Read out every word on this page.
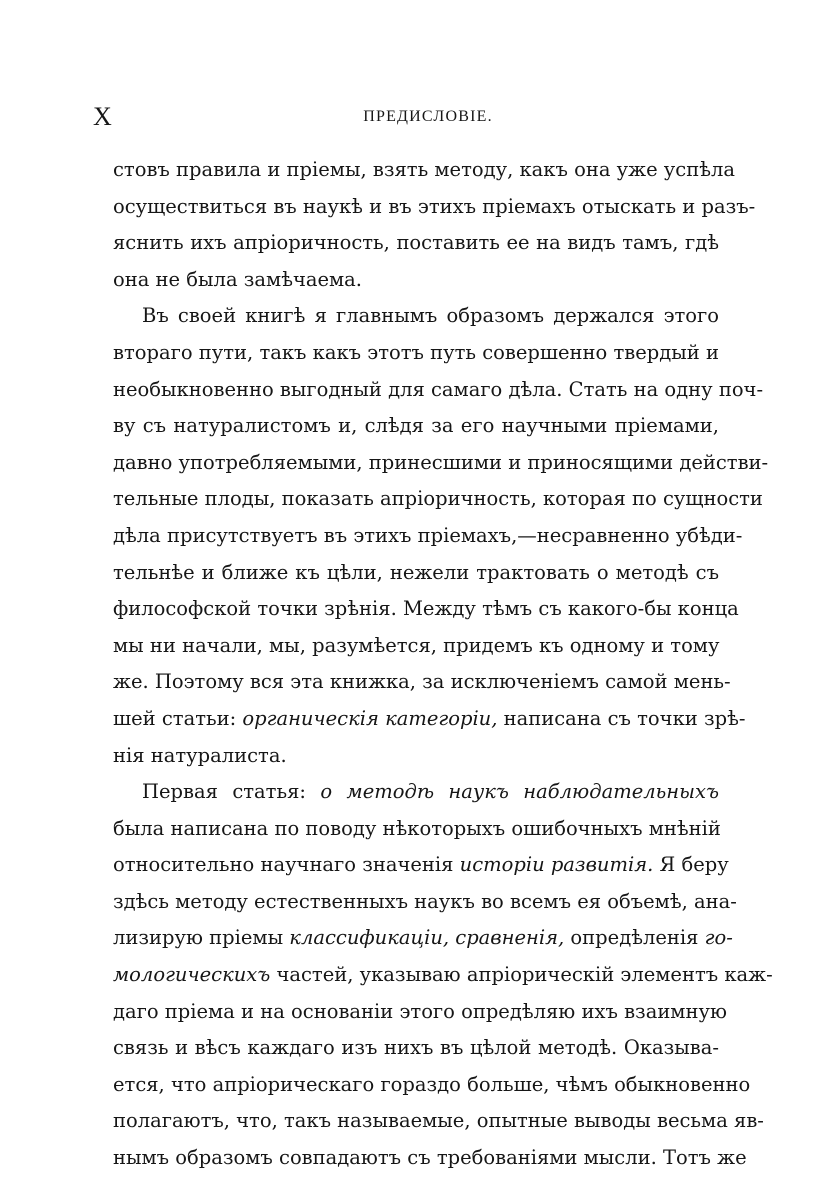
X	ПРЕДИСЛОВІЕ.
стовъ правила и пріемы, взять методу, какъ она уже успѣла
осуществиться въ наукѣ и въ этихъ пріемахъ отыскать и разъ-
яснить ихъ апріоричность, поставить ее на видъ тамъ, гдѣ
она не была замѣчаема.
Въ своей книгѣ я главнымъ образомъ держался этого
втораго пути, такъ какъ этотъ путь совершенно твердый и
необыкновенно выгодный для самаго дѣла. Стать на одну поч-
ву съ натуралистомъ и, слѣдя за его научными пріемами,
давно употребляемыми, принесшими и приносящими действи-
тельные плоды, показать апріоричность, которая по сущности
дѣла присутствуетъ въ этихъ пріемахъ,—несравненно убѣди-
тельнѣе и ближе къ цѣли, нежели трактовать о методѣ съ
философской точки зрѣнія. Между тѣмъ съ какого-бы конца
мы ни начали, мы, разумѣется, придемъ къ одному и тому
же. Поэтому вся эта книжка, за исключеніемъ самой мень-
шей статьи: органическія категоріи, написана съ точки зрѣ-
нія натуралиста.
Первая статья: о методѣ наукъ наблюдательныхъ
была написана по поводу нѣкоторыхъ ошибочныхъ мнѣній
относительно научнаго значенія исторіи развитія. Я беру
здѣсь методу естественныхъ наукъ во всемъ ея объемѣ, ана-
лизирую пріемы классификаціи, сравненія, опредѣленія го-
мологическихъ частей, указываю апріорическій элементъ каж-
даго пріема и на основаніи этого опредѣляю ихъ взаимную
связь и вѣсъ каждаго изъ нихъ въ цѣлой методѣ. Оказыва-
ется, что апріорическаго гораздо больше, чѣмъ обыкновенно
полагаютъ, что, такъ называемые, опытные выводы весьма яв-
нымъ образомъ совпадаютъ съ требованіями мысли. Тотъ же
